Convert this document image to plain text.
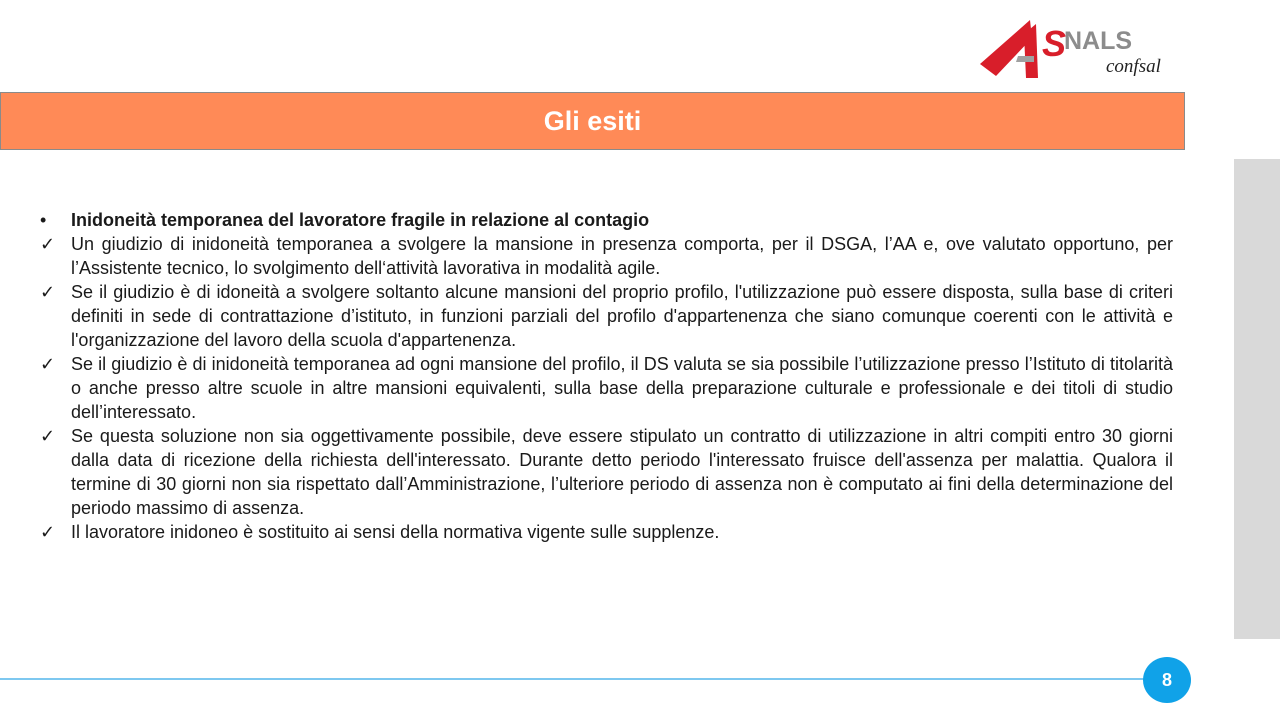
S
NALS
confsal
Gli esiti
•	Inidoneità temporanea del lavoratore fragile in relazione al contagio
✓ Un giudizio di inidoneità temporanea a svolgere la mansione in presenza comporta, per il DSGA, l’AA e, ove valutato opportuno, per l’Assistente tecnico, lo svolgimento dell‘attività lavorativa in modalità agile.
✓ Se il giudizio è di idoneità a svolgere soltanto alcune mansioni del proprio profilo, l'utilizzazione può essere disposta, sulla base di criteri definiti in sede di contrattazione d’istituto, in funzioni parziali del profilo d'appartenenza che siano comunque coerenti con le attività e l'organizzazione del lavoro della scuola d'appartenenza.
✓ Se il giudizio è di inidoneità temporanea ad ogni mansione del profilo, il DS valuta se sia possibile l’utilizzazione presso l’Istituto di titolarità o anche presso altre scuole in altre mansioni equivalenti, sulla base della preparazione culturale e professionale e dei titoli di studio dell’interessato.
✓ Se questa soluzione non sia oggettivamente possibile, deve essere stipulato un contratto di utilizzazione in altri compiti entro 30 giorni dalla data di ricezione della richiesta dell'interessato. Durante detto periodo l'interessato fruisce dell'assenza per malattia. Qualora il termine di 30 giorni non sia rispettato dall’Amministrazione, l’ulteriore periodo di assenza non è computato ai fini della determinazione del periodo massimo di assenza.
✓ Il lavoratore inidoneo è sostituito ai sensi della normativa vigente sulle supplenze.
8
